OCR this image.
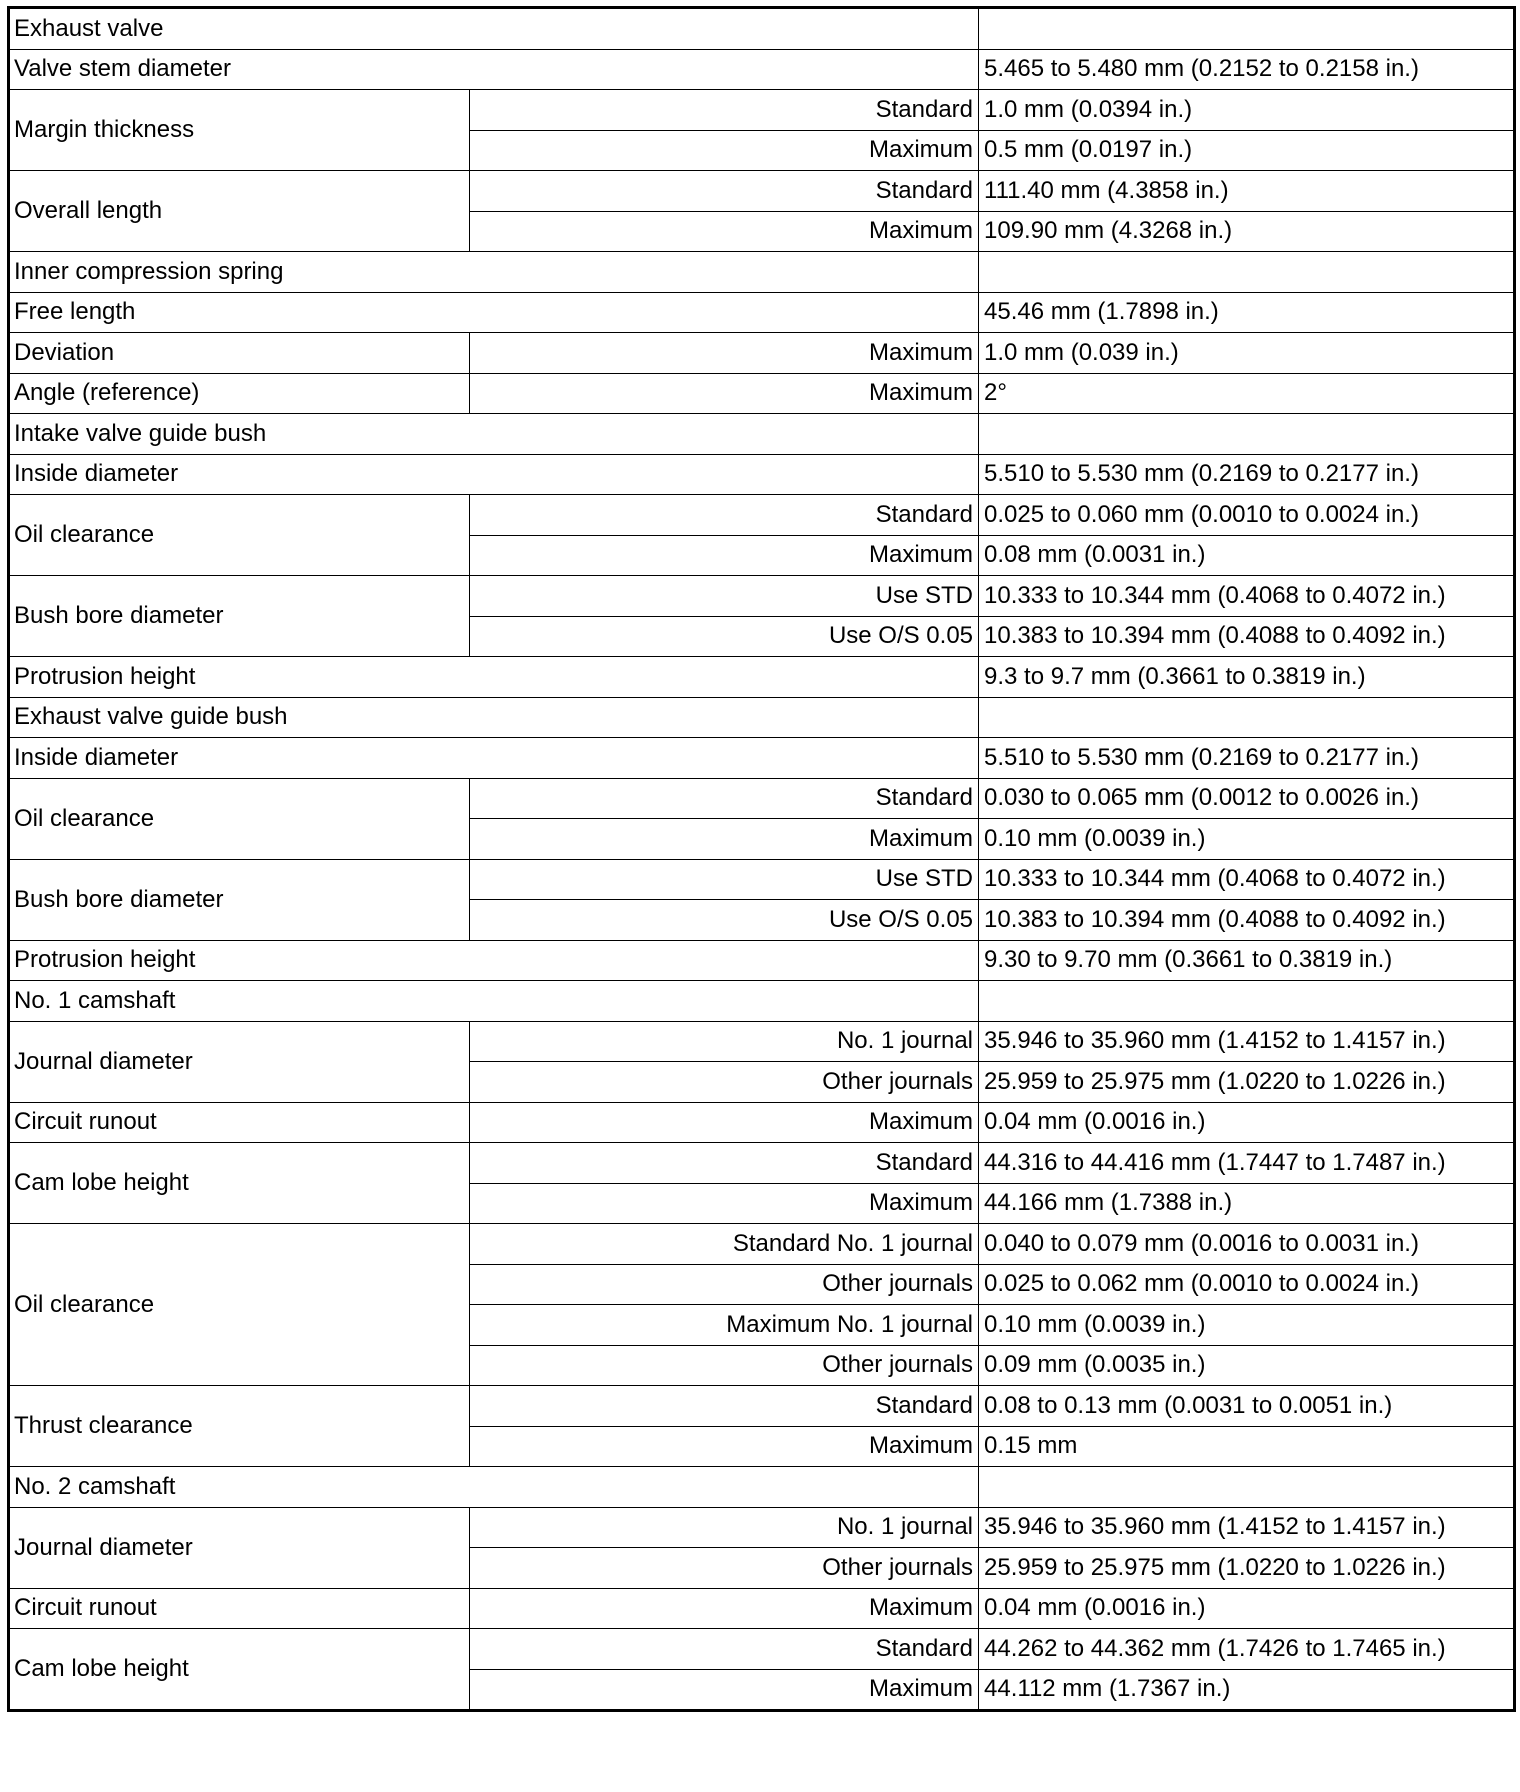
Exhaust valve		
Valve stem diameter		5.465 to 5.480 mm (0.2152 to 0.2158 in.)
Margin thickness	Standard	1.0 mm (0.0394 in.)
	Maximum	0.5 mm (0.0197 in.)
Overall length	Standard	111.40 mm (4.3858 in.)
	Maximum	109.90 mm (4.3268 in.)
Inner compression spring		
Free length		45.46 mm (1.7898 in.)
Deviation	Maximum	1.0 mm (0.039 in.)
Angle (reference)	Maximum	2°
Intake valve guide bush		
Inside diameter		5.510 to 5.530 mm (0.2169 to 0.2177 in.)
Oil clearance	Standard	0.025 to 0.060 mm (0.0010 to 0.0024 in.)
	Maximum	0.08 mm (0.0031 in.)
Bush bore diameter	Use STD	10.333 to 10.344 mm (0.4068 to 0.4072 in.)
	Use O/S 0.05	10.383 to 10.394 mm (0.4088 to 0.4092 in.)
Protrusion height		9.3 to 9.7 mm (0.3661 to 0.3819 in.)
Exhaust valve guide bush		
Inside diameter		5.510 to 5.530 mm (0.2169 to 0.2177 in.)
Oil clearance	Standard	0.030 to 0.065 mm (0.0012 to 0.0026 in.)
	Maximum	0.10 mm (0.0039 in.)
Bush bore diameter	Use STD	10.333 to 10.344 mm (0.4068 to 0.4072 in.)
	Use O/S 0.05	10.383 to 10.394 mm (0.4088 to 0.4092 in.)
Protrusion height		9.30 to 9.70 mm (0.3661 to 0.3819 in.)
No. 1 camshaft		
Journal diameter	No. 1 journal	35.946 to 35.960 mm (1.4152 to 1.4157 in.)
	Other journals	25.959 to 25.975 mm (1.0220 to 1.0226 in.)
Circuit runout	Maximum	0.04 mm (0.0016 in.)
Cam lobe height	Standard	44.316 to 44.416 mm (1.7447 to 1.7487 in.)
	Maximum	44.166 mm (1.7388 in.)
Oil clearance	Standard No. 1 journal	0.040 to 0.079 mm (0.0016 to 0.0031 in.)
	Other journals	0.025 to 0.062 mm (0.0010 to 0.0024 in.)
	Maximum No. 1 journal	0.10 mm (0.0039 in.)
	Other journals	0.09 mm (0.0035 in.)
Thrust clearance	Standard	0.08 to 0.13 mm (0.0031 to 0.0051 in.)
	Maximum	0.15 mm
No. 2 camshaft		
Journal diameter	No. 1 journal	35.946 to 35.960 mm (1.4152 to 1.4157 in.)
	Other journals	25.959 to 25.975 mm (1.0220 to 1.0226 in.)
Circuit runout	Maximum	0.04 mm (0.0016 in.)
Cam lobe height	Standard	44.262 to 44.362 mm (1.7426 to 1.7465 in.)
	Maximum	44.112 mm (1.7367 in.)
